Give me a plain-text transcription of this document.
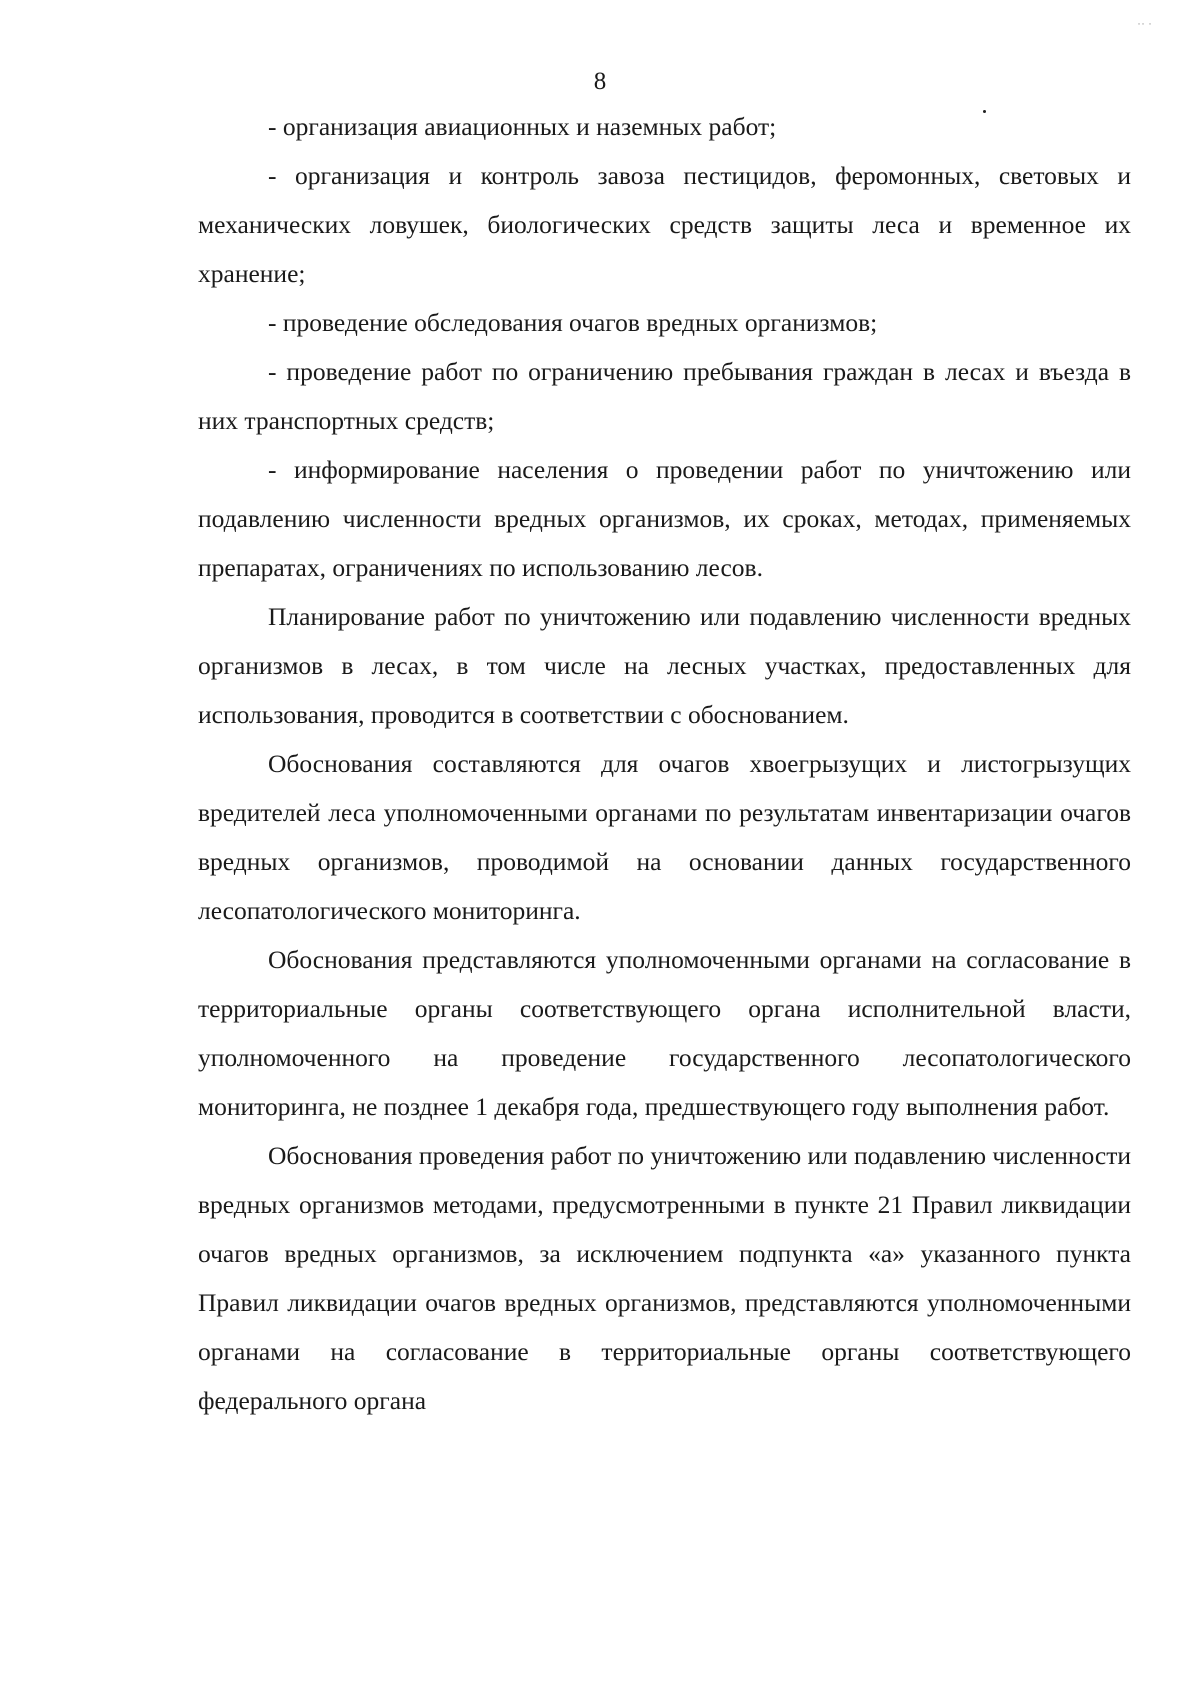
˙˙ ˙
8

- организация авиационных и наземных работ;

- организация и контроль завоза пестицидов, феромонных, световых и механических ловушек, биологических средств защиты леса и временное их хранение;

- проведение обследования очагов вредных организмов;

- проведение работ по ограничению пребывания граждан в лесах и въезда в них транспортных средств;

- информирование населения о проведении работ по уничтожению или подавлению численности вредных организмов, их сроках, методах, применяемых препаратах, ограничениях по использованию лесов.

Планирование работ по уничтожению или подавлению численности вредных организмов в лесах, в том числе на лесных участках, предоставленных для использования, проводится в соответствии с обоснованием.

Обоснования составляются для очагов хвоегрызущих и листогрызущих вредителей леса уполномоченными органами по результатам инвентаризации очагов вредных организмов, проводимой на основании данных государственного лесопатологического мониторинга.

Обоснования представляются уполномоченными органами на согласование в территориальные органы соответствующего органа исполнительной власти, уполномоченного на проведение государственного лесопатологического мониторинга, не позднее 1 декабря года, предшествующего году выполнения работ.

Обоснования проведения работ по уничтожению или подавлению численности вредных организмов методами, предусмотренными в пункте 21 Правил ликвидации очагов вредных организмов, за исключением подпункта «а» указанного пункта Правил ликвидации очагов вредных организмов, представляются уполномоченными органами на согласование в территориальные органы соответствующего федерального органа
